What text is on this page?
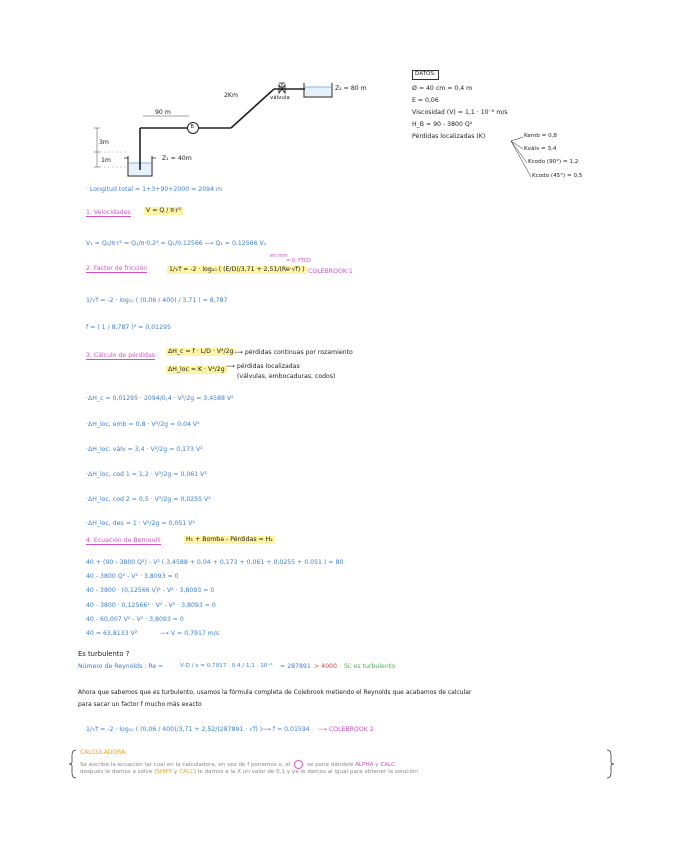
2Km
90 m
3m
1m	Z₁ = 40m
Z₂ = 80 m
válvula
B
DATOS:
Ø = 40 cm = 0,4 m
E = 0,06
Viscosidad (V) = 1,1 · 10⁻⁶ m/s
H_B = 90 - 3800 Q²
Pérdidas localizadas (K)	Kemb = 0,8
Kválv = 3,4
Kcodo (90°) = 1,2
Kcodo (45°) = 0,5
· Longitud total = 1+3+90+2000 = 2094 m
1. Velocidades	V = Q / π·r²
V₁ = Q₁/π·r² = Q₁/π·0,2² = Q₁/0,12566 ⟶ Q₁ = 0,12566 V₁
2. Factor de fricción	1/√f = -2 · log₁₀ ( (E/D)/3,71 + 2,51/(Re·√f) )
en mm
= 0, FTCD
COLEBROOK 1
1/√f = -2 · log₁₀ ( (0,06 / 400) / 3,71 ) = 8,787
f = ( 1 / 8,787 )² = 0,01295
3. Cálculo de pérdidas
ΔH_c = f · L/D · V²/2g ⟶ pérdidas continuas por rozamiento
ΔH_loc = K · V²/2g ⟶ pérdidas localizadas
(válvulas, embocaduras, codos)
·ΔH_c = 0,01295 · 2094/0,4 · V²/2g = 3,4588 V²
·ΔH_loc, emb = 0,8 · V²/2g = 0,04 V²
·ΔH_loc, válv = 3,4 · V²/2g = 0,173 V²
·ΔH_loc, cod 1 = 1,2 · V²/2g = 0,061 V²
·ΔH_loc, cod 2 = 0,5 · V²/2g = 0,0255 V²
·ΔH_loc, des = 1 · V²/2g = 0,051 V²
4. Ecuación de Bernoulli	H₁ + Bomba - Pérdidas = H₂
40 + (90 - 3800 Q²) - V² ( 3,4588 + 0,04 + 0,173 + 0,061 + 0,0255 + 0,051 ) = 80
40 - 3800 Q² - V² · 3,8093 = 0
40 - 3800 · (0,12566 V)² - V² · 3,8093 = 0
40 - 3800 · 0,12566² · V² - V² · 3,8093 = 0
40 - 60,007 V² - V² · 3,8093 = 0
40 = 63,8133 V²	⟶ V = 0,7917 m/s
Es turbulento ?
Número de Reynolds : Re =	V·D / ν = 0,7917 · 0,4 / 1,1 · 10⁻⁶ = 287891 > 4000 Sí, es turbulento
Ahora que sabemos que es turbulento, usamos la fórmula completa de Colebrook metiendo el Reynolds que acabamos de calcular
para sacar un factor f mucho más exacto
1/√f = -2 · log₁₀ ( (0,06 / 400)/3,71 + 2,52/(287891 · √f) ) ⟶ f = 0,01594 ⟶ COLEBROOK 2
CALCULADORA:
Se escribe la ecuación tal cual en la calculadora, en vez de f ponemos x, el	se pone dándole ALPHA y CALC.
después le damos a solve (SHIFT y CALC) le damos a la X un valor de 0,1 y ya le damos al igual para obtener la solución
